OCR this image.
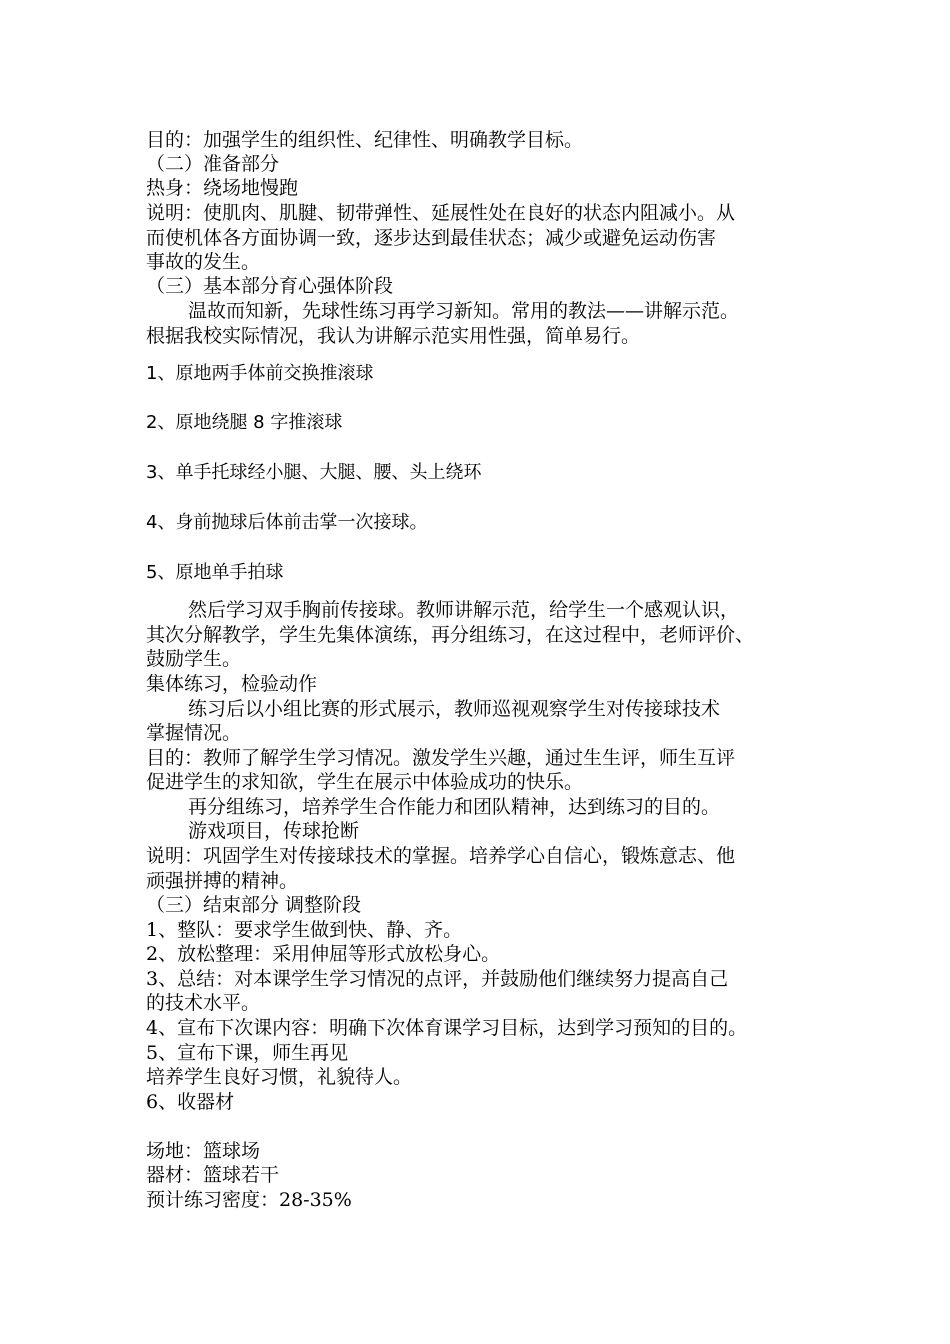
目的：加强学生的组织性、纪律性、明确教学目标。
（二）准备部分
热身：绕场地慢跑
说明：使肌肉、肌腱、韧带弹性、延展性处在良好的状态内阻减小。从
而使机体各方面协调一致，逐步达到最佳状态；减少或避免运动伤害
事故的发生。
（三）基本部分育心强体阶段
温故而知新，先球性练习再学习新知。常用的教法——讲解示范。
根据我校实际情况，我认为讲解示范实用性强，简单易行。
1、原地两手体前交换推滚球
2、原地绕腿 8 字推滚球
3、单手托球经小腿、大腿、腰、头上绕环
4、身前抛球后体前击掌一次接球。
5、原地单手拍球
然后学习双手胸前传接球。教师讲解示范，给学生一个感观认识，
其次分解教学，学生先集体演练，再分组练习，在这过程中，老师评价、
鼓励学生。
集体练习，检验动作
练习后以小组比赛的形式展示，教师巡视观察学生对传接球技术
掌握情况。
目的：教师了解学生学习情况。激发学生兴趣，通过生生评，师生互评
促进学生的求知欲，学生在展示中体验成功的快乐。
再分组练习，培养学生合作能力和团队精神，达到练习的目的。
游戏项目，传球抢断
说明：巩固学生对传接球技术的掌握。培养学心自信心，锻炼意志、他
顽强拼搏的精神。
（三）结束部分 调整阶段
1、整队：要求学生做到快、静、齐。
2、放松整理：采用伸屈等形式放松身心。
3、总结：对本课学生学习情况的点评，并鼓励他们继续努力提高自己
的技术水平。
4、宣布下次课内容：明确下次体育课学习目标，达到学习预知的目的。
5、宣布下课，师生再见
培养学生良好习惯，礼貌待人。
6、收器材
场地：篮球场
器材：篮球若干
预计练习密度：28-35%
